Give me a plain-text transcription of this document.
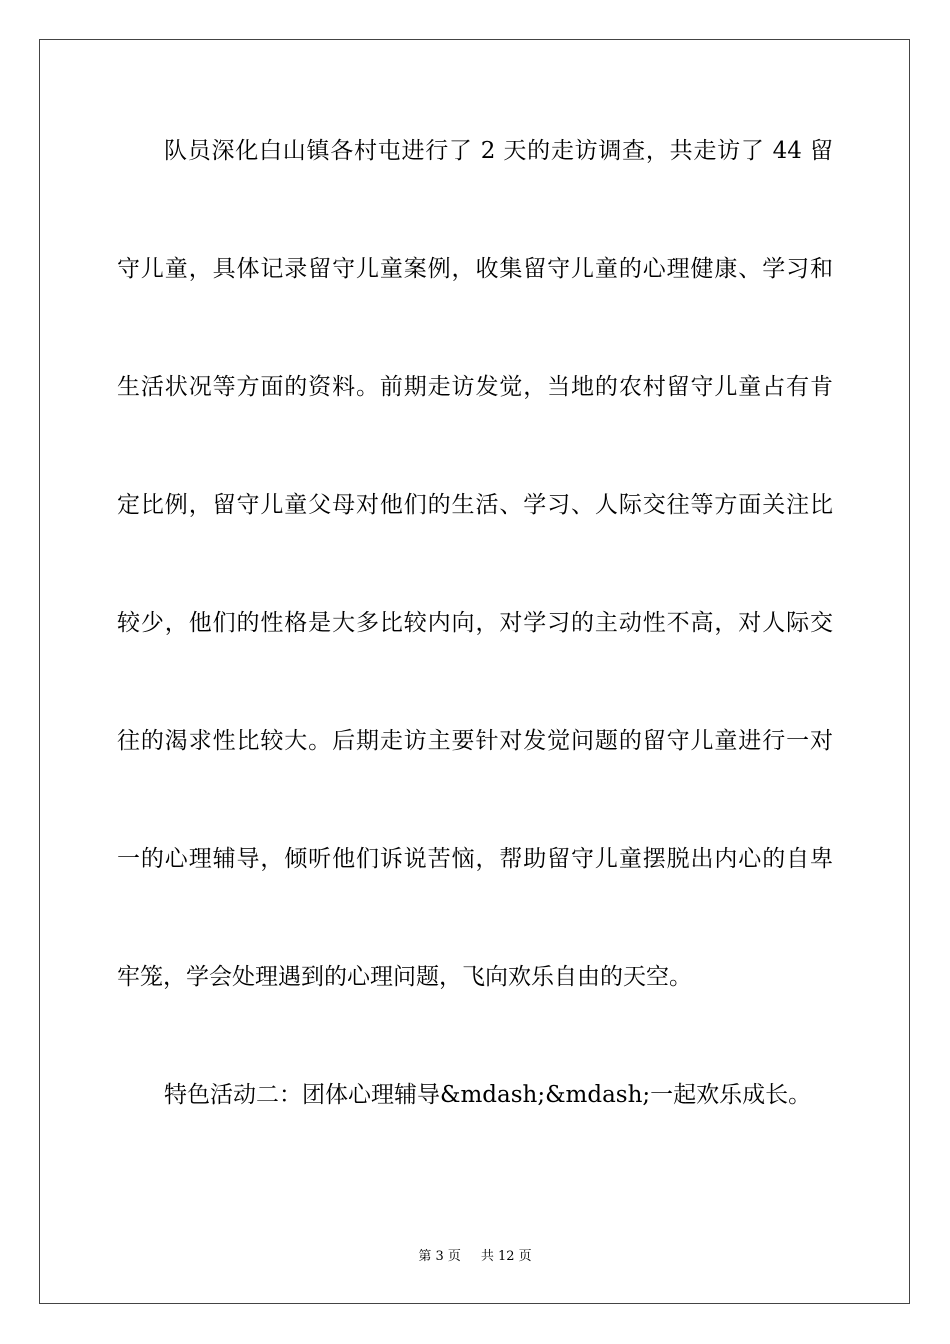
队员深化白山镇各村屯进行了 2 天的走访调查，共走访了 44 留
守儿童，具体记录留守儿童案例，收集留守儿童的心理健康、学习和
生活状况等方面的资料。前期走访发觉，当地的农村留守儿童占有肯
定比例，留守儿童父母对他们的生活、学习、人际交往等方面关注比
较少，他们的性格是大多比较内向，对学习的主动性不高，对人际交
往的渴求性比较大。后期走访主要针对发觉问题的留守儿童进行一对
一的心理辅导，倾听他们诉说苦恼，帮助留守儿童摆脱出内心的自卑
牢笼，学会处理遇到的心理问题，飞向欢乐自由的天空。
特色活动二：团体心理辅导&mdash;&mdash;一起欢乐成长。
第 3 页 共 12 页
